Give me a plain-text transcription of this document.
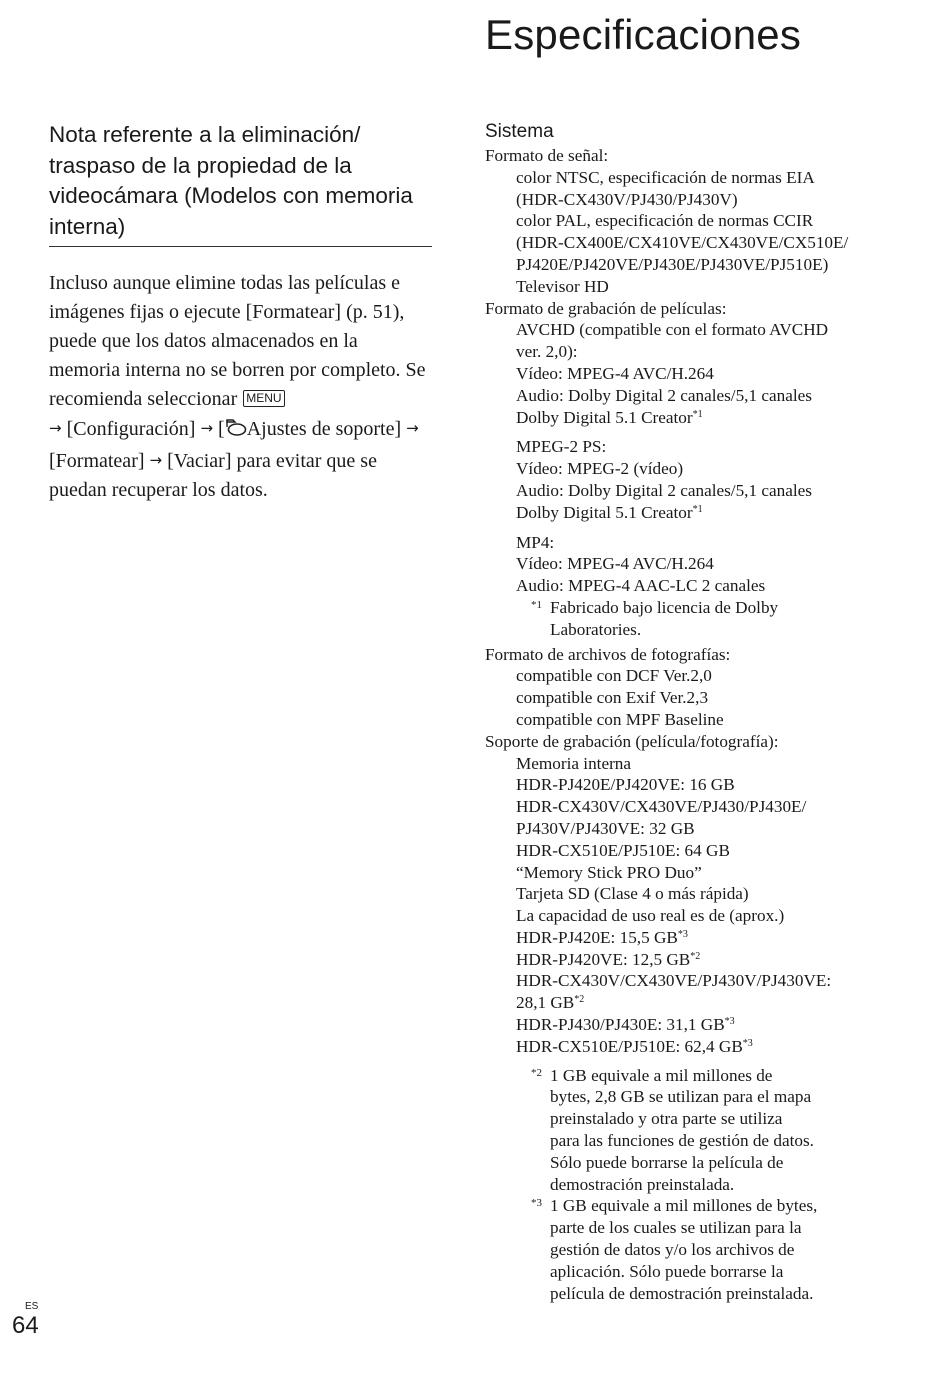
Especificaciones
Nota referente a la eliminación/ traspaso de la propiedad de la videocámara (Modelos con memoria interna)
Incluso aunque elimine todas las películas e imágenes fijas o ejecute [Formatear] (p. 51), puede que los datos almacenados en la memoria interna no se borren por completo. Se recomienda seleccionar MENU
→ [Configuración] → [ Ajustes de soporte] → [Formatear] → [Vaciar] para evitar que se puedan recuperar los datos.
Sistema
Formato de señal:
color NTSC, especificación de normas EIA
(HDR-CX430V/PJ430/PJ430V)
color PAL, especificación de normas CCIR
(HDR-CX400E/CX410VE/CX430VE/CX510E/
PJ420E/PJ420VE/PJ430E/PJ430VE/PJ510E)
Televisor HD
Formato de grabación de películas:
AVCHD (compatible con el formato AVCHD
ver. 2,0):
Vídeo: MPEG-4 AVC/H.264
Audio: Dolby Digital 2 canales/5,1 canales
Dolby Digital 5.1 Creator$^{*1}$
MPEG-2 PS:
Vídeo: MPEG-2 (vídeo)
Audio: Dolby Digital 2 canales/5,1 canales
Dolby Digital 5.1 Creator$^{*1}$
MP4:
Vídeo: MPEG-4 AVC/H.264
Audio: MPEG-4 AAC-LC 2 canales
*1 Fabricado bajo licencia de Dolby
Laboratories.
Formato de archivos de fotografías:
compatible con DCF Ver.2,0
compatible con Exif Ver.2,3
compatible con MPF Baseline
Soporte de grabación (película/fotografía):
Memoria interna
HDR-PJ420E/PJ420VE: 16 GB
HDR-CX430V/CX430VE/PJ430/PJ430E/
PJ430V/PJ430VE: 32 GB
HDR-CX510E/PJ510E: 64 GB
“Memory Stick PRO Duo”
Tarjeta SD (Clase 4 o más rápida)
La capacidad de uso real es de (aprox.)
HDR-PJ420E: 15,5 GB$^{*3}$
HDR-PJ420VE: 12,5 GB$^{*2}$
HDR-CX430V/CX430VE/PJ430V/PJ430VE:
28,1 GB$^{*2}$
HDR-PJ430/PJ430E: 31,1 GB$^{*3}$
HDR-CX510E/PJ510E: 62,4 GB$^{*3}$
*2 1 GB equivale a mil millones de
bytes, 2,8 GB se utilizan para el mapa
preinstalado y otra parte se utiliza
para las funciones de gestión de datos.
Sólo puede borrarse la película de
demostración preinstalada.
*3 1 GB equivale a mil millones de bytes,
parte de los cuales se utilizan para la
gestión de datos y/o los archivos de
aplicación. Sólo puede borrarse la
película de demostración preinstalada.
ES
64
